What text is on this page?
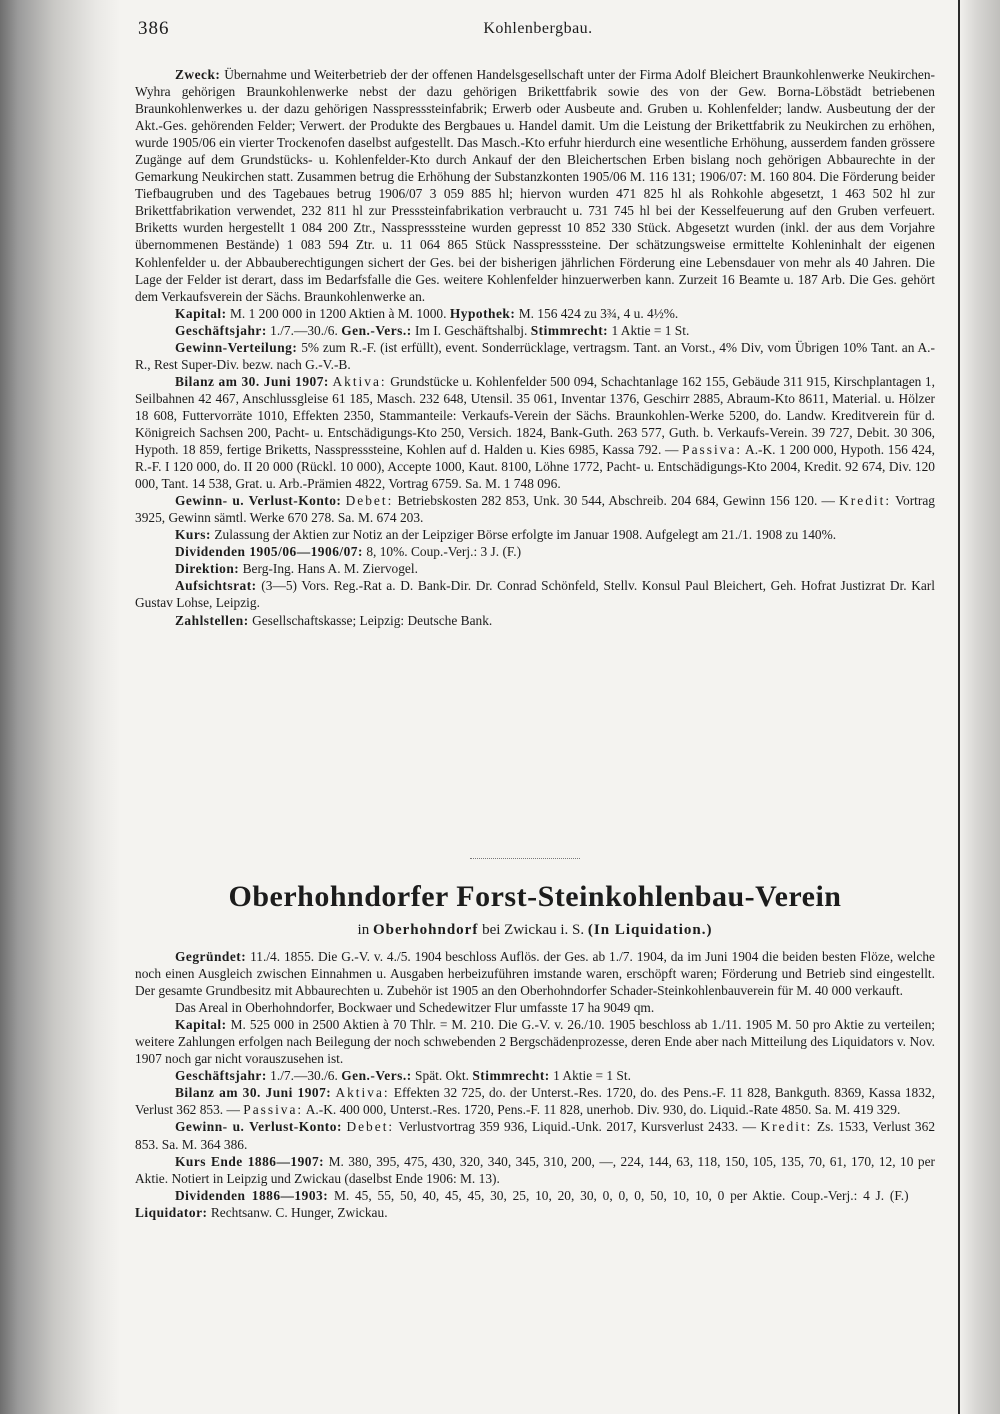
386	Kohlenbergbau.

Zweck: Übernahme und Weiterbetrieb der der offenen Handelsgesellschaft unter der Firma Adolf Bleichert Braunkohlenwerke Neukirchen-Wyhra gehörigen Braunkohlenwerke nebst der dazu gehörigen Brikettfabrik sowie des von der Gew. Borna-Löbstädt betriebenen Braunkohlenwerkes u. der dazu gehörigen Nasspresssteinfabrik; Erwerb oder Ausbeute and. Gruben u. Kohlenfelder; landw. Ausbeutung der der Akt.-Ges. gehörenden Felder; Verwert. der Produkte des Bergbaues u. Handel damit. Um die Leistung der Brikettfabrik zu Neukirchen zu erhöhen, wurde 1905/06 ein vierter Trockenofen daselbst aufgestellt. Das Masch.-Kto erfuhr hierdurch eine wesentliche Erhöhung, ausserdem fanden grössere Zugänge auf dem Grundstücks- u. Kohlenfelder-Kto durch Ankauf der den Bleichertschen Erben bislang noch gehörigen Abbaurechte in der Gemarkung Neukirchen statt. Zusammen betrug die Erhöhung der Substanzkonten 1905/06 M. 116 131; 1906/07: M. 160 804. Die Förderung beider Tiefbaugruben und des Tagebaues betrug 1906/07 3 059 885 hl; hiervon wurden 471 825 hl als Rohkohle abgesetzt, 1 463 502 hl zur Brikettfabrikation verwendet, 232 811 hl zur Presssteinfabrikation verbraucht u. 731 745 hl bei der Kesselfeuerung auf den Gruben verfeuert. Briketts wurden hergestellt 1 084 200 Ztr., Nasspresssteine wurden gepresst 10 852 330 Stück. Abgesetzt wurden (inkl. der aus dem Vorjahre übernommenen Bestände) 1 083 594 Ztr. u. 11 064 865 Stück Nasspresssteine. Der schätzungsweise ermittelte Kohleninhalt der eigenen Kohlenfelder u. der Abbauberechtigungen sichert der Ges. bei der bisherigen jährlichen Förderung eine Lebensdauer von mehr als 40 Jahren. Die Lage der Felder ist derart, dass im Bedarfsfalle die Ges. weitere Kohlenfelder hinzuerwerben kann. Zurzeit 16 Beamte u. 187 Arb. Die Ges. gehört dem Verkaufsverein der Sächs. Braunkohlenwerke an.

Kapital: M. 1 200 000 in 1200 Aktien à M. 1000. Hypothek: M. 156 424 zu 3¾, 4 u. 4½%.

Geschäftsjahr: 1./7.—30./6. Gen.-Vers.: Im I. Geschäftshalbj. Stimmrecht: 1 Aktie = 1 St.

Gewinn-Verteilung: 5% zum R.-F. (ist erfüllt), event. Sonderrücklage, vertragsm. Tant. an Vorst., 4% Div, vom Übrigen 10% Tant. an A.-R., Rest Super-Div. bezw. nach G.-V.-B.

Bilanz am 30. Juni 1907: Aktiva: Grundstücke u. Kohlenfelder 500 094, Schachtanlage 162 155, Gebäude 311 915, Kirschplantagen 1, Seilbahnen 42 467, Anschlussgleise 61 185, Masch. 232 648, Utensil. 35 061, Inventar 1376, Geschirr 2885, Abraum-Kto 8611, Material. u. Hölzer 18 608, Futtervorräte 1010, Effekten 2350, Stammanteile: Verkaufs-Verein der Sächs. Braunkohlen-Werke 5200, do. Landw. Kreditverein für d. Königreich Sachsen 200, Pacht- u. Entschädigungs-Kto 250, Versich. 1824, Bank-Guth. 263 577, Guth. b. Verkaufs-Verein. 39 727, Debit. 30 306, Hypoth. 18 859, fertige Briketts, Nasspresssteine, Kohlen auf d. Halden u. Kies 6985, Kassa 792. — Passiva: A.-K. 1 200 000, Hypoth. 156 424, R.-F. I 120 000, do. II 20 000 (Rückl. 10 000), Accepte 1000, Kaut. 8100, Löhne 1772, Pacht- u. Entschädigungs-Kto 2004, Kredit. 92 674, Div. 120 000, Tant. 14 538, Grat. u. Arb.-Prämien 4822, Vortrag 6759. Sa. M. 1 748 096.

Gewinn- u. Verlust-Konto: Debet: Betriebskosten 282 853, Unk. 30 544, Abschreib. 204 684, Gewinn 156 120. — Kredit: Vortrag 3925, Gewinn sämtl. Werke 670 278. Sa. M. 674 203.

Kurs: Zulassung der Aktien zur Notiz an der Leipziger Börse erfolgte im Januar 1908. Aufgelegt am 21./1. 1908 zu 140%.

Dividenden 1905/06—1906/07: 8, 10%. Coup.-Verj.: 3 J. (F.)

Direktion: Berg-Ing. Hans A. M. Ziervogel.

Aufsichtsrat: (3—5) Vors. Reg.-Rat a. D. Bank-Dir. Dr. Conrad Schönfeld, Stellv. Konsul Paul Bleichert, Geh. Hofrat Justizrat Dr. Karl Gustav Lohse, Leipzig.

Zahlstellen: Gesellschaftskasse; Leipzig: Deutsche Bank.

Oberhohndorfer Forst-Steinkohlenbau-Verein
in Oberhohndorf bei Zwickau i. S. (In Liquidation.)

Gegründet: 11./4. 1855. Die G.-V. v. 4./5. 1904 beschloss Auflös. der Ges. ab 1./7. 1904, da im Juni 1904 die beiden besten Flöze, welche noch einen Ausgleich zwischen Einnahmen u. Ausgaben herbeizuführen imstande waren, erschöpft waren; Förderung und Betrieb sind eingestellt. Der gesamte Grundbesitz mit Abbaurechten u. Zubehör ist 1905 an den Oberhohndorfer Schader-Steinkohlenbauverein für M. 40 000 verkauft.

Das Areal in Oberhohndorfer, Bockwaer und Schedewitzer Flur umfasste 17 ha 9049 qm.

Kapital: M. 525 000 in 2500 Aktien à 70 Thlr. = M. 210. Die G.-V. v. 26./10. 1905 beschloss ab 1./11. 1905 M. 50 pro Aktie zu verteilen; weitere Zahlungen erfolgen nach Beilegung der noch schwebenden 2 Bergschädenprozesse, deren Ende aber nach Mitteilung des Liquidators v. Nov. 1907 noch gar nicht vorauszusehen ist.

Geschäftsjahr: 1./7.—30./6. Gen.-Vers.: Spät. Okt. Stimmrecht: 1 Aktie = 1 St.

Bilanz am 30. Juni 1907: Aktiva: Effekten 32 725, do. der Unterst.-Res. 1720, do. des Pens.-F. 11 828, Bankguth. 8369, Kassa 1832, Verlust 362 853. — Passiva: A.-K. 400 000, Unterst.-Res. 1720, Pens.-F. 11 828, unerhob. Div. 930, do. Liquid.-Rate 4850. Sa. M. 419 329.

Gewinn- u. Verlust-Konto: Debet: Verlustvortrag 359 936, Liquid.-Unk. 2017, Kursverlust 2433. — Kredit: Zs. 1533, Verlust 362 853. Sa. M. 364 386.

Kurs Ende 1886—1907: M. 380, 395, 475, 430, 320, 340, 345, 310, 200, —, 224, 144, 63, 118, 150, 105, 135, 70, 61, 170, 12, 10 per Aktie. Notiert in Leipzig und Zwickau (daselbst Ende 1906: M. 13).

Dividenden 1886—1903: M. 45, 55, 50, 40, 45, 45, 30, 25, 10, 20, 30, 0, 0, 0, 50, 10, 10, 0 per Aktie. Coup.-Verj.: 4 J. (F.)      Liquidator: Rechtsanw. C. Hunger, Zwickau.
